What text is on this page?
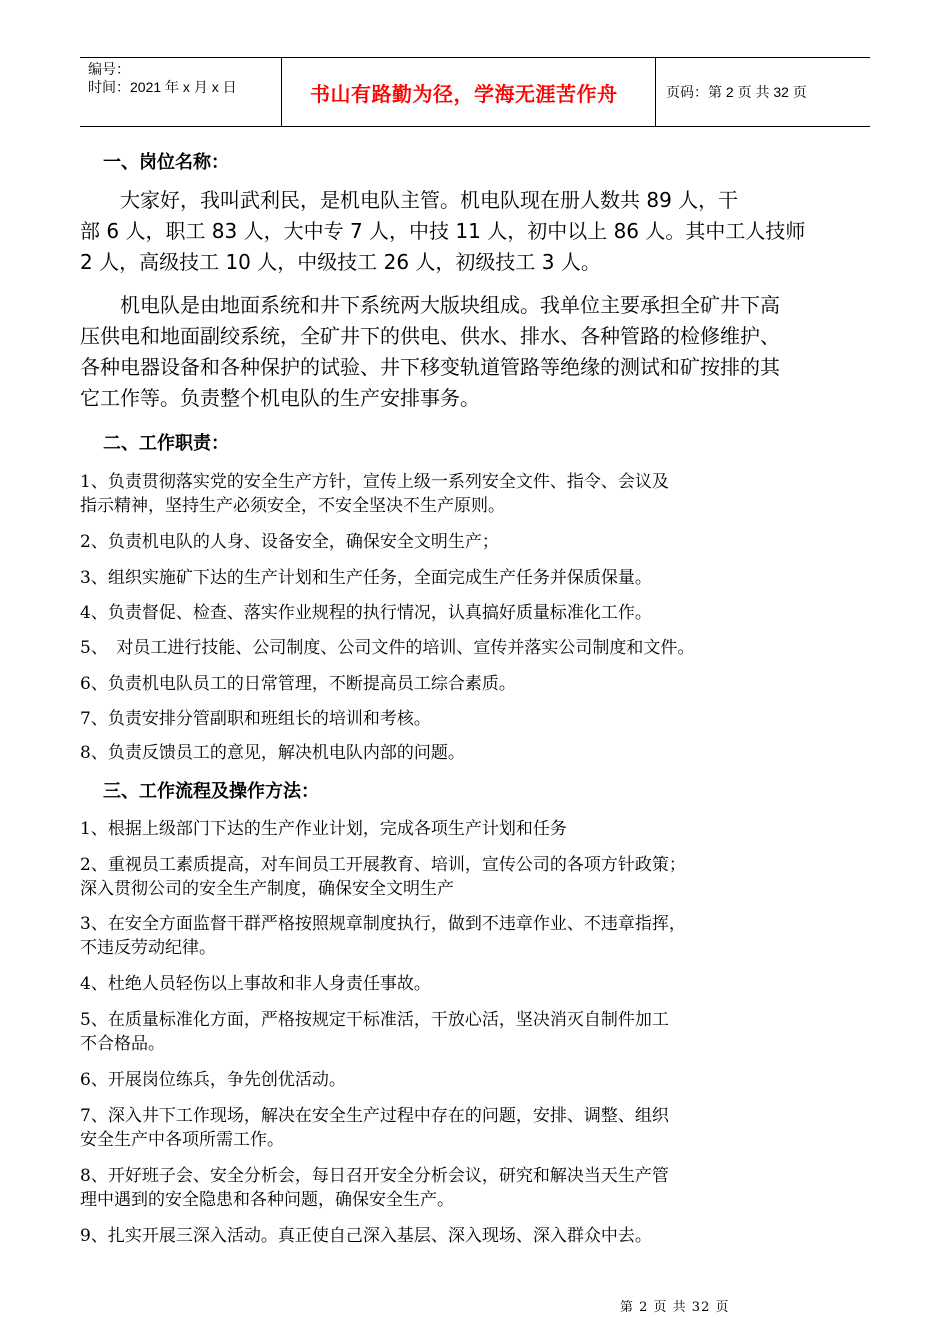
编号：
时间：2021 年 x 月 x 日	书山有路勤为径，学海无涯苦作舟	页码：第 2 页 共 32 页
一、岗位名称：
　　大家好，我叫武利民，是机电队主管。机电队现在册人数共 89 人，干
部 6 人，职工 83 人，大中专 7 人，中技 11 人，初中以上 86 人。其中工人技师
2 人，高级技工 10 人，中级技工 26 人，初级技工 3 人。
　　机电队是由地面系统和井下系统两大版块组成。我单位主要承担全矿井下高
压供电和地面副绞系统，全矿井下的供电、供水、排水、各种管路的检修维护、
各种电器设备和各种保护的试验、井下移变轨道管路等绝缘的测试和矿按排的其
它工作等。负责整个机电队的生产安排事务。
二、工作职责：
1、负责贯彻落实党的安全生产方针，宣传上级一系列安全文件、指令、会议及
指示精神，坚持生产必须安全，不安全坚决不生产原则。
2、负责机电队的人身、设备安全，确保安全文明生产；
3、组织实施矿下达的生产计划和生产任务，全面完成生产任务并保质保量。
4、负责督促、检查、落实作业规程的执行情况，认真搞好质量标准化工作。
5、　对员工进行技能、公司制度、公司文件的培训、宣传并落实公司制度和文件。
6、负责机电队员工的日常管理，不断提高员工综合素质。
7、负责安排分管副职和班组长的培训和考核。
8、负责反馈员工的意见，解决机电队内部的问题。
三、工作流程及操作方法：
1、根据上级部门下达的生产作业计划，完成各项生产计划和任务
2、重视员工素质提高，对车间员工开展教育、培训，宣传公司的各项方针政策；
深入贯彻公司的安全生产制度，确保安全文明生产
3、在安全方面监督干群严格按照规章制度执行，做到不违章作业、不违章指挥，
不违反劳动纪律。
4、杜绝人员轻伤以上事故和非人身责任事故。
5、在质量标准化方面，严格按规定干标准活，干放心活，坚决消灭自制件加工
不合格品。
6、开展岗位练兵，争先创优活动。
7、深入井下工作现场，解决在安全生产过程中存在的问题，安排、调整、组织
安全生产中各项所需工作。
8、开好班子会、安全分析会，每日召开安全分析会议，研究和解决当天生产管
理中遇到的安全隐患和各种问题，确保安全生产。
9、扎实开展三深入活动。真正使自己深入基层、深入现场、深入群众中去。
第 2 页 共 32 页
